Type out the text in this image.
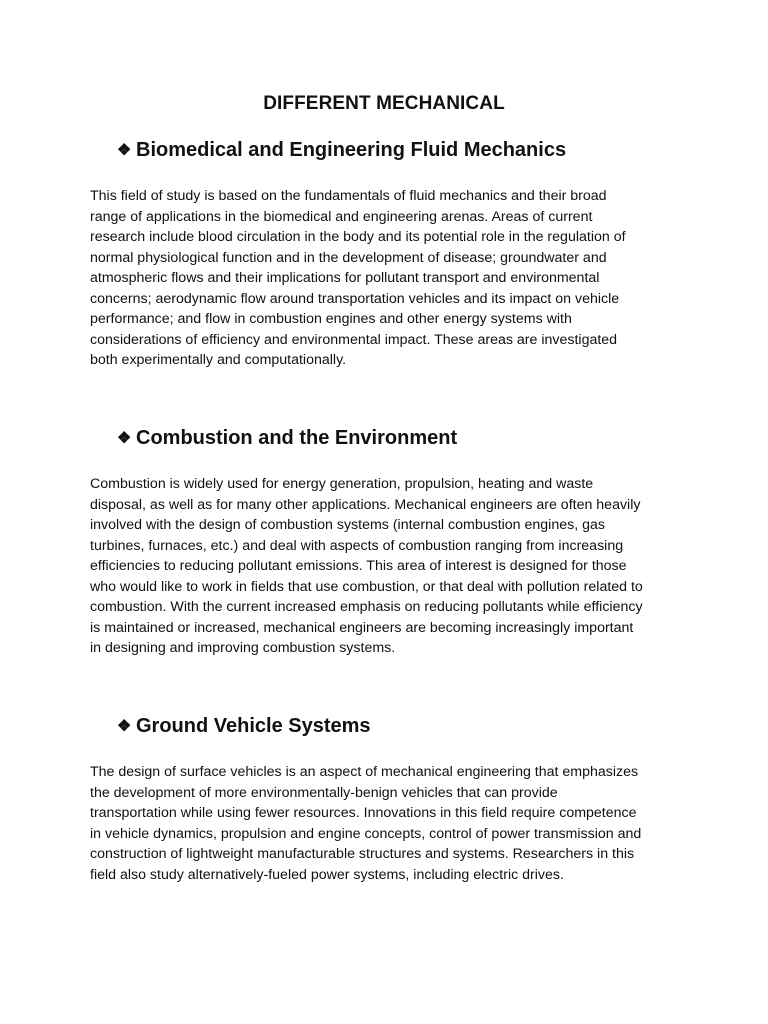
DIFFERENT MECHANICAL
❖ Biomedical and Engineering Fluid Mechanics

This field of study is based on the fundamentals of fluid mechanics and their broad
range of applications in the biomedical and engineering arenas. Areas of current
research include blood circulation in the body and its potential role in the regulation of
normal physiological function and in the development of disease; groundwater and
atmospheric flows and their implications for pollutant transport and environmental
concerns; aerodynamic flow around transportation vehicles and its impact on vehicle
performance; and flow in combustion engines and other energy systems with
considerations of efficiency and environmental impact. These areas are investigated
both experimentally and computationally.

❖ Combustion and the Environment

Combustion is widely used for energy generation, propulsion, heating and waste
disposal, as well as for many other applications. Mechanical engineers are often heavily
involved with the design of combustion systems (internal combustion engines, gas
turbines, furnaces, etc.) and deal with aspects of combustion ranging from increasing
efficiencies to reducing pollutant emissions. This area of interest is designed for those
who would like to work in fields that use combustion, or that deal with pollution related to
combustion. With the current increased emphasis on reducing pollutants while efficiency
is maintained or increased, mechanical engineers are becoming increasingly important
in designing and improving combustion systems.

❖ Ground Vehicle Systems

The design of surface vehicles is an aspect of mechanical engineering that emphasizes
the development of more environmentally-benign vehicles that can provide
transportation while using fewer resources. Innovations in this field require competence
in vehicle dynamics, propulsion and engine concepts, control of power transmission and
construction of lightweight manufacturable structures and systems. Researchers in this
field also study alternatively-fueled power systems, including electric drives.
